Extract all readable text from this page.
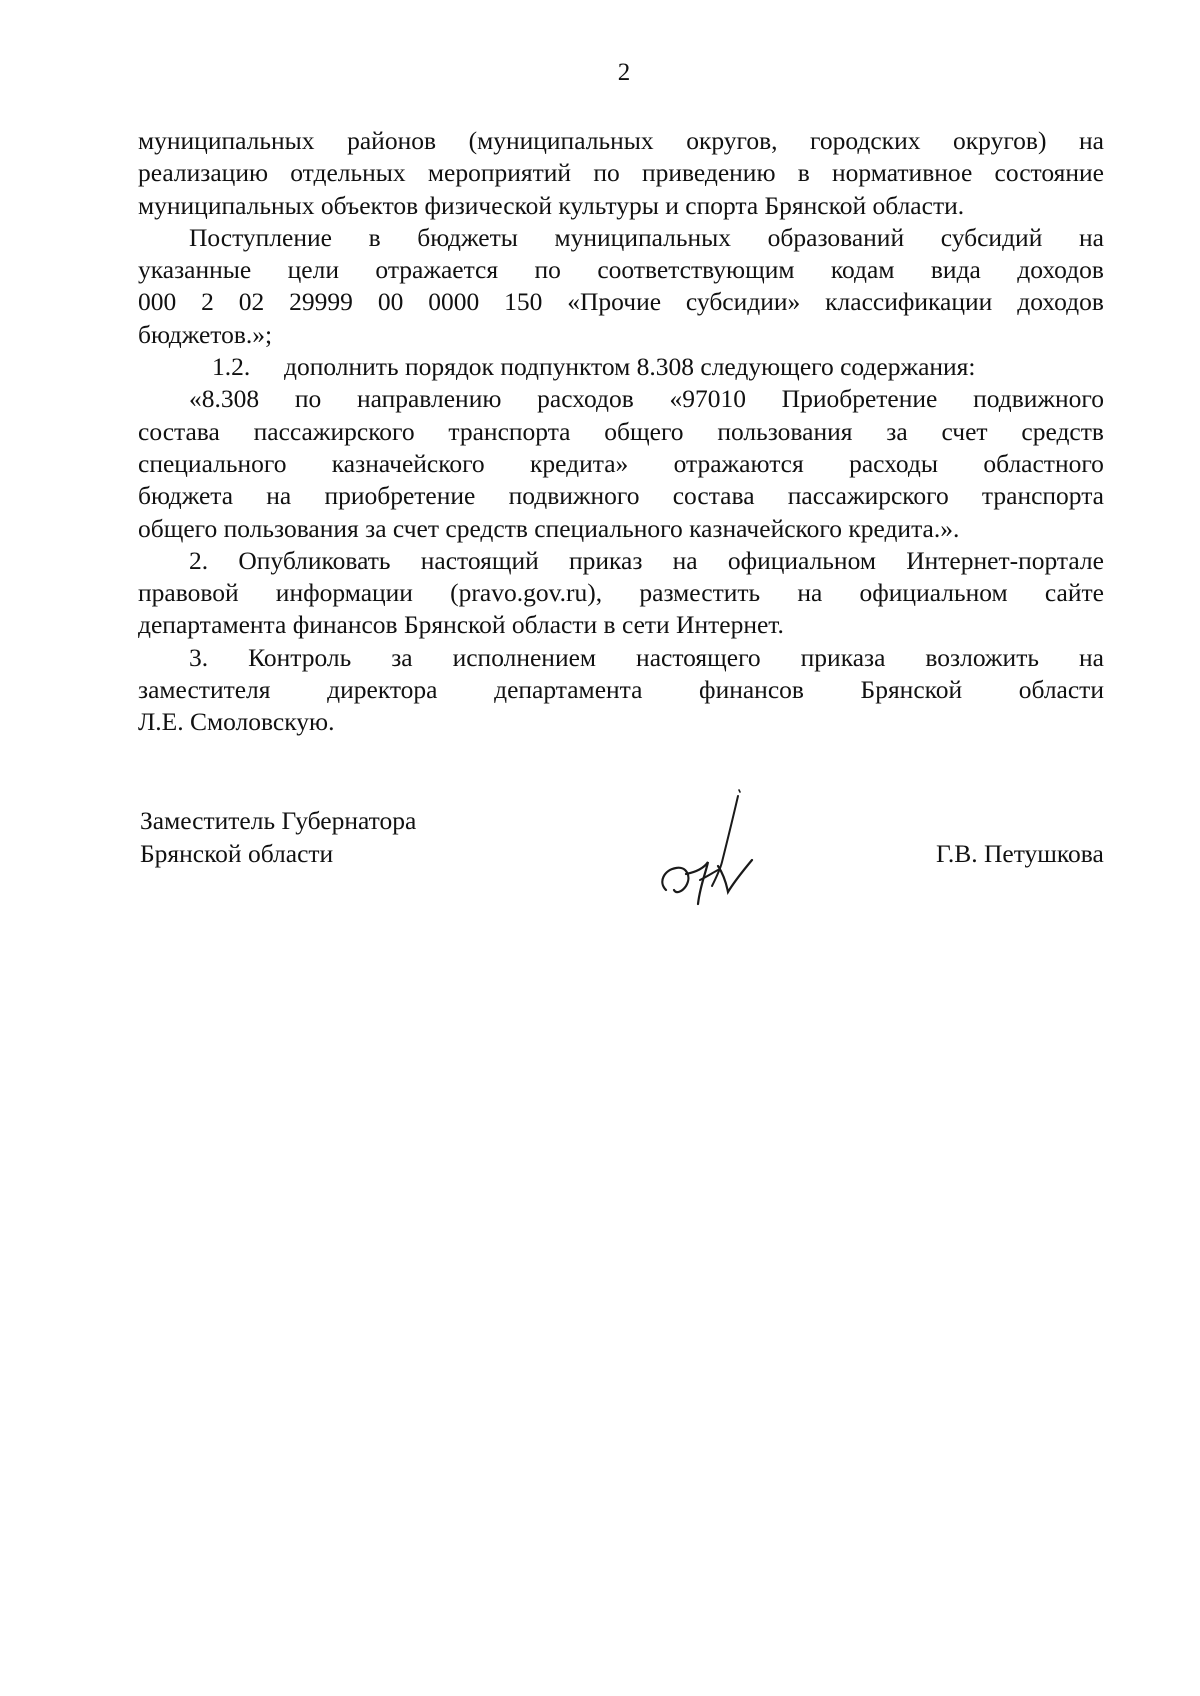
2
муниципальных районов (муниципальных округов, городских округов) на
реализацию отдельных мероприятий по приведению в нормативное состояние
муниципальных объектов физической культуры и спорта Брянской области.
Поступление в бюджеты муниципальных образований субсидий на
указанные цели отражается по соответствующим кодам вида доходов
000 2 02 29999 00 0000 150 «Прочие субсидии» классификации доходов
бюджетов.»;
1.2.	дополнить порядок подпунктом 8.308 следующего содержания:
«8.308 по направлению расходов «97010 Приобретение подвижного
состава пассажирского транспорта общего пользования за счет средств
специального казначейского кредита» отражаются расходы областного
бюджета на приобретение подвижного состава пассажирского транспорта
общего пользования за счет средств специального казначейского кредита.».
2. Опубликовать настоящий приказ на официальном Интернет-портале
правовой информации (pravo.gov.ru), разместить на официальном сайте
департамента финансов Брянской области в сети Интернет.
3. Контроль за исполнением настоящего приказа возложить на
заместителя директора департамента финансов Брянской области
Л.Е. Смоловскую.
Заместитель Губернатора
Брянской области	Г.В. Петушкова
